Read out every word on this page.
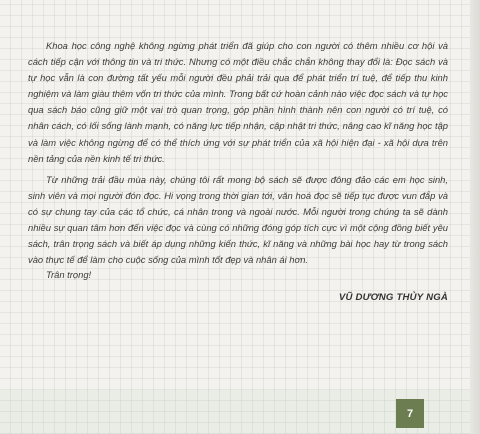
Khoa học công nghệ không ngừng phát triển đã giúp cho con người có thêm nhiều cơ hội và cách tiếp cận với thông tin và tri thức. Nhưng có một điều chắc chắn không thay đổi là: Đọc sách và tự học vẫn là con đường tất yếu mỗi người đều phải trải qua để phát triển trí tuệ, để tiếp thu kinh nghiệm và làm giàu thêm vốn tri thức của mình. Trong bất cứ hoàn cảnh nào việc đọc sách và tự học qua sách báo cũng giữ một vai trò quan trọng, góp phần hình thành nên con người có trí tuệ, có nhân cách, có lối sống lành mạnh, có năng lực tiếp nhận, cập nhật tri thức, nâng cao kĩ năng học tập và làm việc không ngừng để có thể thích ứng với sự phát triển của xã hội hiện đại - xã hội dựa trên nền tảng của nền kinh tế tri thức.

Từ những trải đầu mùa này, chúng tôi rất mong bộ sách sẽ được đông đảo các em học sinh, sinh viên và mọi người đón đọc. Hi vọng trong thời gian tới, văn hoá đọc sẽ tiếp tục được vun đắp và có sự chung tay của các tổ chức, cá nhân trong và ngoài nước. Mỗi người trong chúng ta sẽ dành nhiều sự quan tâm hơn đến việc đọc và cùng có những đóng góp tích cực vì một cộng đồng biết yêu sách, trân trọng sách và biết áp dụng những kiến thức, kĩ năng và những bài học hay từ trong sách vào thực tế để làm cho cuộc sống của mình tốt đẹp và nhân ái hơn.

Trân trọng!
VŨ DƯƠNG THỦY NGÀ
7
